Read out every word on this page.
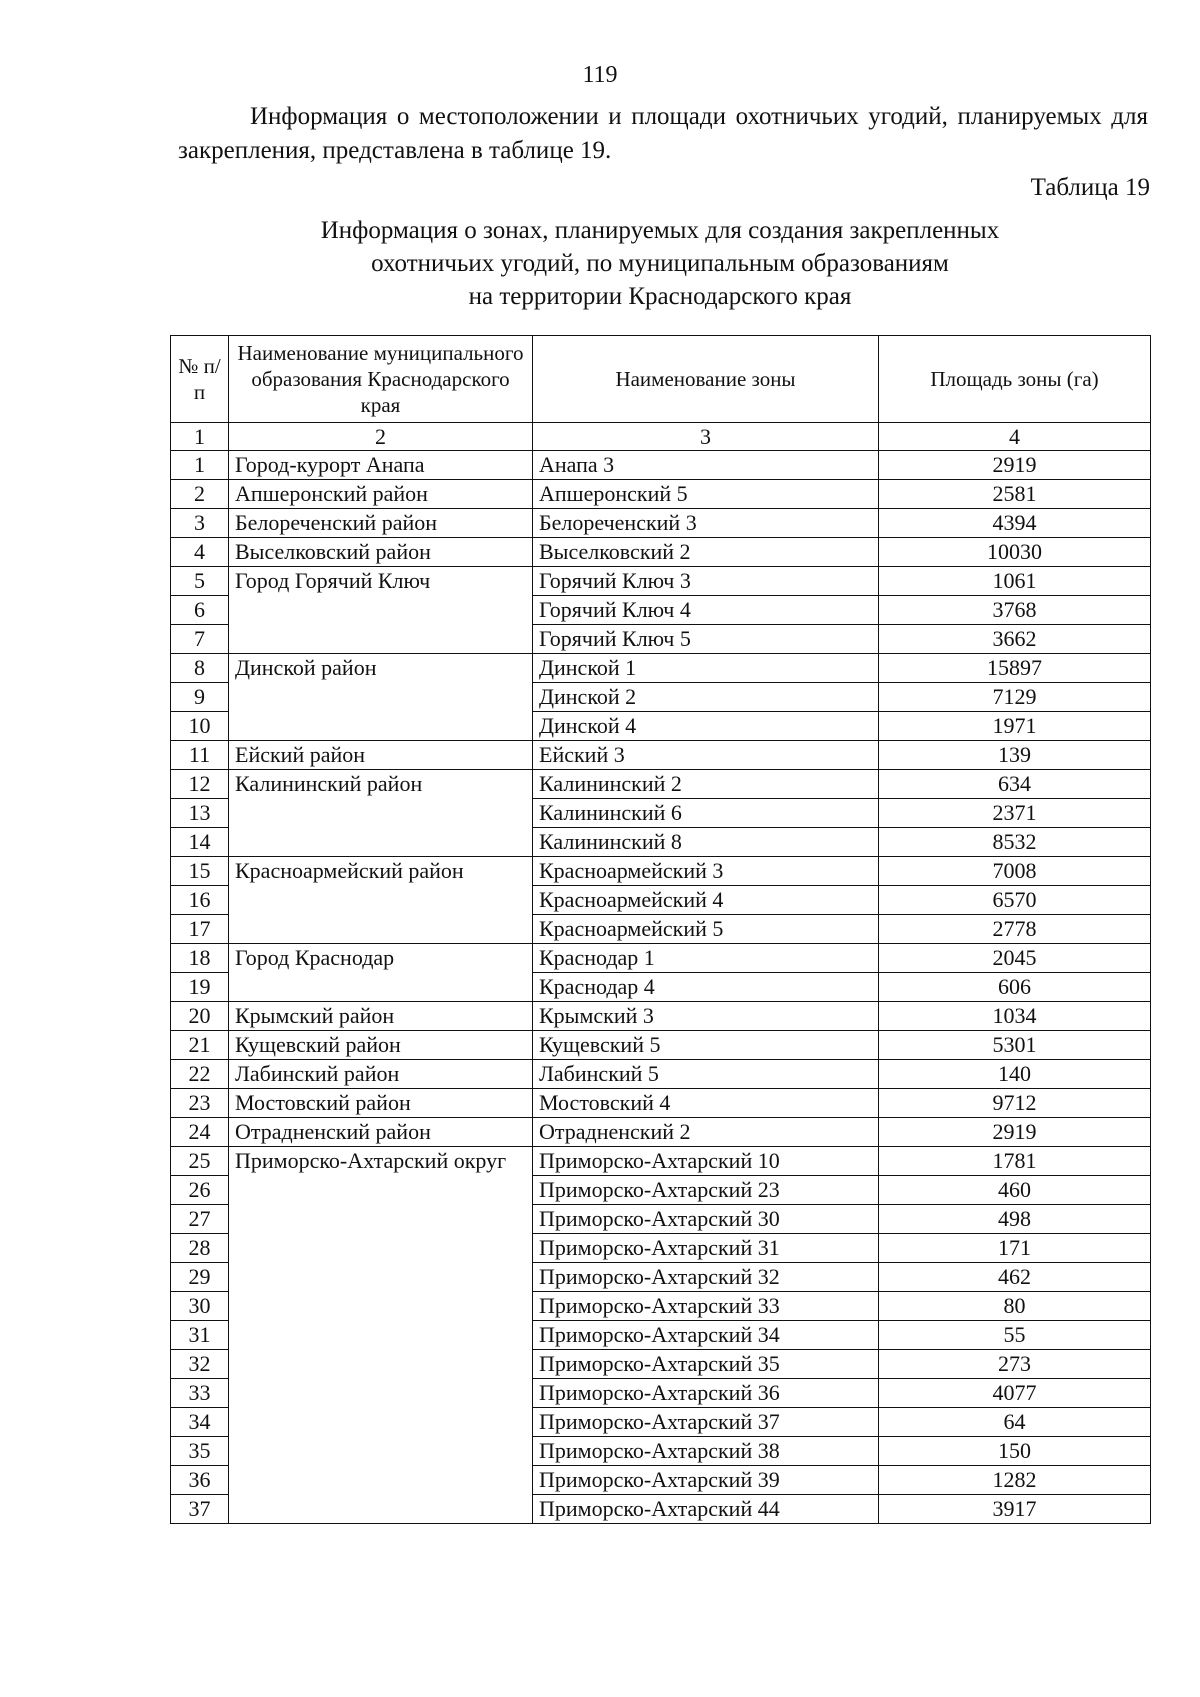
119

Информация о местоположении и площади охотничьих угодий, планируемых для закрепления, представлена в таблице 19.

Таблица 19
Информация о зонах, планируемых для создания закрепленных
охотничьих угодий, по муниципальным образованиям
на территории Краснодарского края
№ п/п	Наименование муниципального образования Краснодарского края	Наименование зоны	Площадь зоны (га)
1	2	3	4
1	Город-курорт Анапа	Анапа 3	2919
2	Апшеронский район	Апшеронский 5	2581
3	Белореченский район	Белореченский 3	4394
4	Выселковский район	Выселковский 2	10030
5	Город Горячий Ключ	Горячий Ключ 3	1061
6		Горячий Ключ 4	3768
7		Горячий Ключ 5	3662
8	Динской район	Динской 1	15897
9		Динской 2	7129
10		Динской 4	1971
11	Ейский район	Ейский 3	139
12	Калининский район	Калининский 2	634
13		Калининский 6	2371
14		Калининский 8	8532
15	Красноармейский район	Красноармейский 3	7008
16		Красноармейский 4	6570
17		Красноармейский 5	2778
18	Город Краснодар	Краснодар 1	2045
19		Краснодар 4	606
20	Крымский район	Крымский 3	1034
21	Кущевский район	Кущевский 5	5301
22	Лабинский район	Лабинский 5	140
23	Мостовский район	Мостовский 4	9712
24	Отрадненский район	Отрадненский 2	2919
25	Приморско-Ахтарский округ	Приморско-Ахтарский 10	1781
26		Приморско-Ахтарский 23	460
27		Приморско-Ахтарский 30	498
28		Приморско-Ахтарский 31	171
29		Приморско-Ахтарский 32	462
30		Приморско-Ахтарский 33	80
31		Приморско-Ахтарский 34	55
32		Приморско-Ахтарский 35	273
33		Приморско-Ахтарский 36	4077
34		Приморско-Ахтарский 37	64
35		Приморско-Ахтарский 38	150
36		Приморско-Ахтарский 39	1282
37		Приморско-Ахтарский 44	3917
